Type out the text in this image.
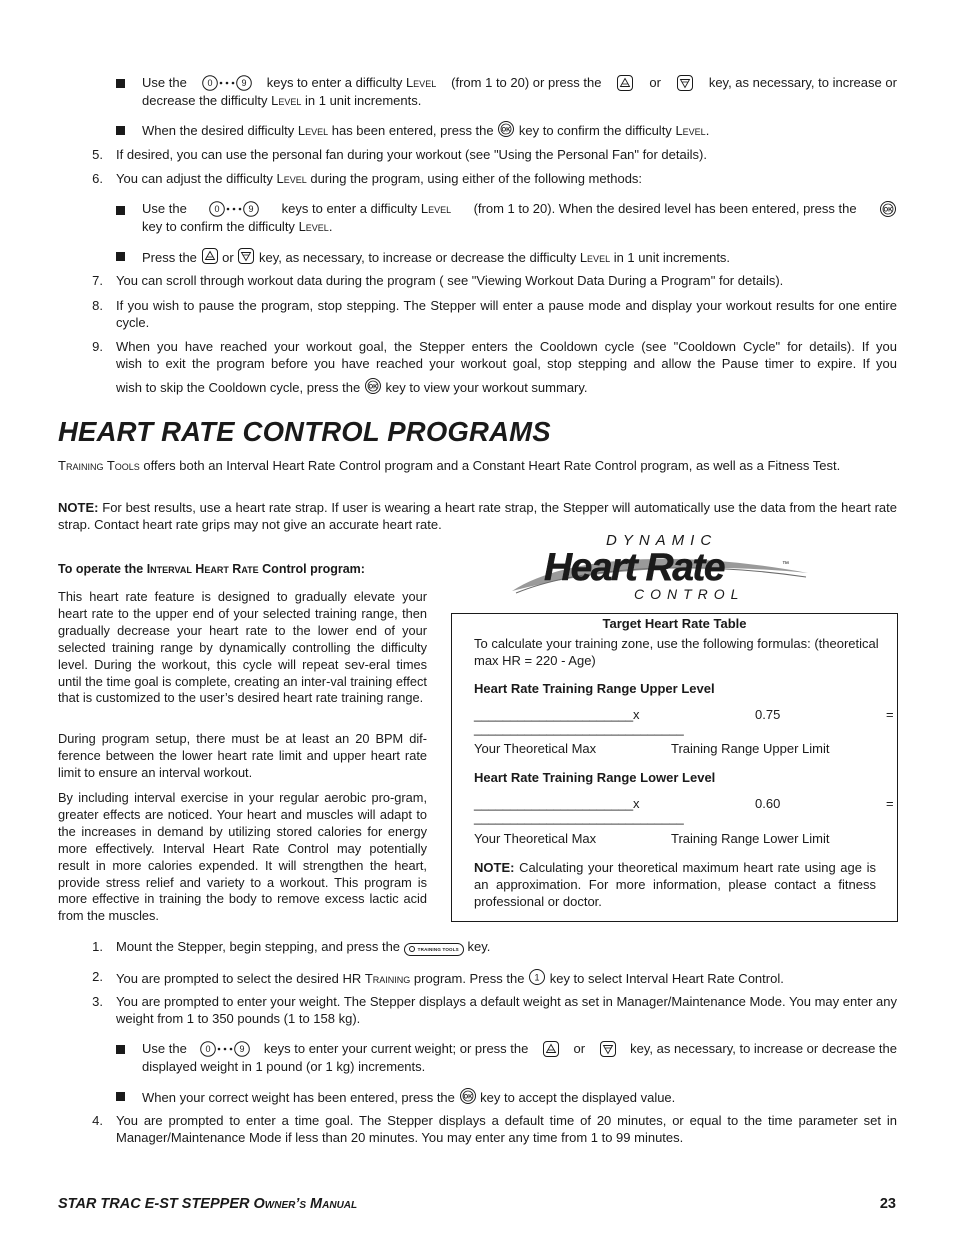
Use the	keys to enter a difficulty Level (from 1 to 20) or press the	or	key, as necessary, to increase or
decrease the difficulty Level in 1 unit increments.
When the desired difficulty Level has been entered, press the key to confirm the difficulty Level.
5. If desired, you can use the personal fan during your workout (see "Using the Personal Fan" for details).
6. You can adjust the difficulty Level during the program, using either of the following methods:
Use the	keys to enter a difficulty Level (from 1 to 20). When the desired level has been entered, press the
key to confirm the difficulty Level.
Press the or key, as necessary, to increase or decrease the difficulty Level in 1 unit increments.
7. You can scroll through workout data during the program ( see "Viewing Workout Data During a Program" for details).
8. If you wish to pause the program, stop stepping. The Stepper will enter a pause mode and display your workout results for one entire cycle.
9. When you have reached your workout goal, the Stepper enters the Cooldown cycle (see "Cooldown Cycle" for details). If you
wish to exit the program before you have reached your workout goal, stop stepping and allow the Pause timer to expire. If you
wish to skip the Cooldown cycle, press the key to view your workout summary.
HEART RATE CONTROL PROGRAMS
Training Tools offers both an Interval Heart Rate Control program and a Constant Heart Rate Control program, as well as a Fitness Test.
NOTE: For best results, use a heart rate strap. If user is wearing a heart rate strap, the Stepper will automatically use the data from the heart rate strap. Contact heart rate grips may not give an accurate heart rate.
To operate the Interval Heart Rate Control program:
This heart rate feature is designed to gradually elevate your heart rate to the upper end of your selected training range, then gradually decrease your heart rate to the lower end of your selected training range by dynamically controlling the difficulty level. During the workout, this cycle will repeat sev-eral times until the time goal is complete, creating an inter-val training effect that is customized to the user’s desired heart rate training range.
During program setup, there must be at least an 20 BPM dif-ference between the lower heart rate limit and upper heart rate limit to ensure an interval workout.
By including interval exercise in your regular aerobic pro-gram, greater effects are noticed. Your heart and muscles will adapt to the increases in demand by utilizing stored calories for energy more effectively. Interval Heart Rate Control may potentially result in more calories expended. It will strengthen the heart, provide stress relief and variety to a workout. This program is more effective in training the body to remove excess lactic acid from the muscles.
DYNAMIC
Heart Rate	™
CONTROL
Target Heart Rate Table
To calculate your training zone, use the following formulas: (theoretical max HR = 220 - Age)
Heart Rate Training Range Upper Level
______________________x	0.75	=
_____________________________
Your Theoretical Max	Training Range Upper Limit
Heart Rate Training Range Lower Level
______________________x	0.60	=
_____________________________
Your Theoretical Max	Training Range Lower Limit
NOTE: Calculating your theoretical maximum heart rate using age is an approximation. For more information, please contact a fitness professional or doctor.
1. Mount the Stepper, begin stepping, and press the	TRAINING TOOLS key.
2. You are prompted to select the desired HR Training program. Press the key to select Interval Heart Rate Control.
3. You are prompted to enter your weight. The Stepper displays a default weight as set in Manager/Maintenance Mode. You may enter any weight from 1 to 350 pounds (1 to 158 kg).
Use the	keys to enter your current weight; or press the	or	key, as necessary, to increase or decrease the
displayed weight in 1 pound (or 1 kg) increments.
When your correct weight has been entered, press the key to accept the displayed value.
4. You are prompted to enter a time goal. The Stepper displays a default time of 20 minutes, or equal to the time parameter set in Manager/Maintenance Mode if less than 20 minutes. You may enter any time from 1 to 99 minutes.
STAR TRAC E-ST STEPPER Owner’s Manual	23
